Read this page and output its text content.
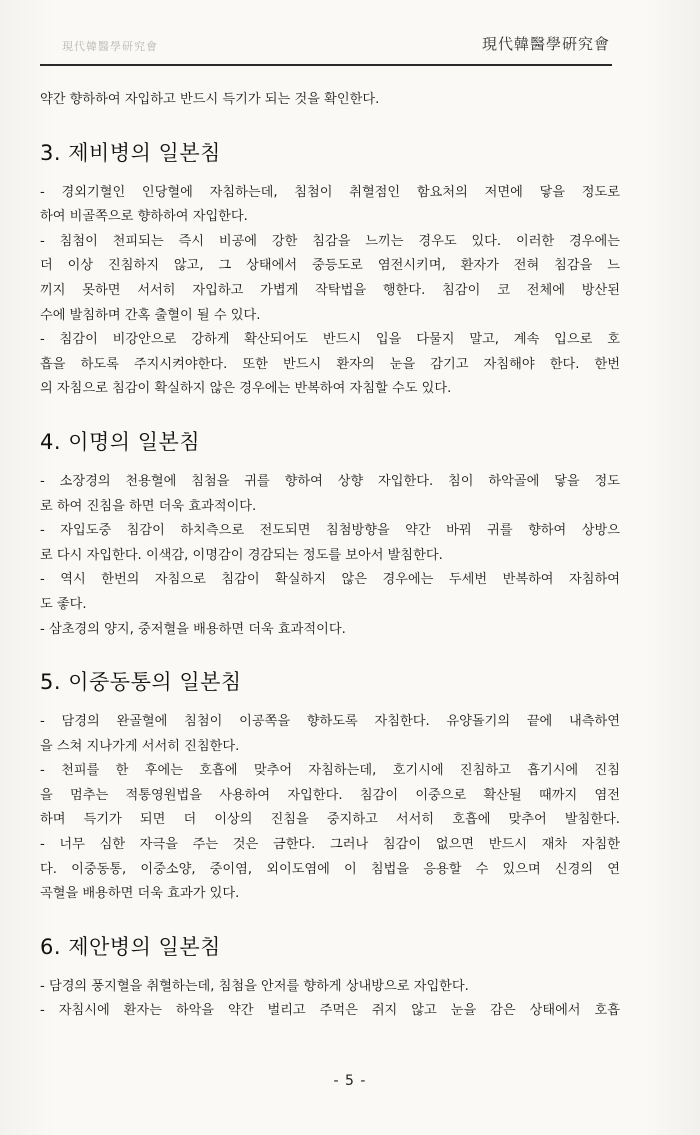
現代韓醫學研究會	現代韓醫學硏究會

약간 향하하여 자입하고 반드시 득기가 되는 것을 확인한다.

3. 제비병의 일본침

- 경외기혈인 인당혈에 자침하는데, 침첨이 취혈점인 함요처의 저면에 닿을 정도로

하여 비골쪽으로 향하하여 자입한다.

- 침첨이 천피되는 즉시 비공에 강한 침감을 느끼는 경우도 있다. 이러한 경우에는

더 이상 진침하지 않고, 그 상태에서 중등도로 염전시키며, 환자가 전혀 침감을 느

끼지 못하면 서서히 자입하고 가볍게 작탁법을 행한다. 침감이 코 전체에 방산된

수에 발침하며 간혹 출혈이 될 수 있다.

- 침감이 비강안으로 강하게 확산되어도 반드시 입을 다물지 말고, 계속 입으로 호

흡을 하도록 주지시켜야한다. 또한 반드시 환자의 눈을 감기고 자침해야 한다. 한번

의 자침으로 침감이 확실하지 않은 경우에는 반복하여 자침할 수도 있다.

4. 이명의 일본침

- 소장경의 천용혈에 침첨을 귀를 향하여 상향 자입한다. 침이 하악골에 닿을 정도

로 하여 진침을 하면 더욱 효과적이다.

- 자입도중 침감이 하치측으로 전도되면 침첨방향을 약간 바꿔 귀를 향하여 상방으

로 다시 자입한다. 이색감, 이명감이 경감되는 정도를 보아서 발침한다.

- 역시 한번의 자침으로 침감이 확실하지 않은 경우에는 두세번 반복하여 자침하여

도 좋다.

- 삼초경의 양지, 중저혈을 배용하면 더욱 효과적이다.

5. 이중동통의 일본침

- 담경의 완골혈에 침첨이 이공쪽을 향하도록 자침한다. 유양돌기의 끝에 내측하연

을 스쳐 지나가게 서서히 진침한다.

- 천피를 한 후에는 호흡에 맞추어 자침하는데, 호기시에 진침하고 흡기시에 진침

을 멈추는 적통영원법을 사용하여 자입한다. 침감이 이중으로 확산될 때까지 염전

하며 득기가 되면 더 이상의 진침을 중지하고 서서히 호흡에 맞추어 발침한다.

- 너무 심한 자극을 주는 것은 금한다. 그러나 침감이 없으면 반드시 재차 자침한

다. 이중동통, 이중소양, 중이염, 외이도염에 이 침법을 응용할 수 있으며 신경의 연

곡혈을 배용하면 더욱 효과가 있다.

6. 제안병의 일본침

- 담경의 풍지혈을 취혈하는데, 침첨을 안저를 향하게 상내방으로 자입한다.

- 자침시에 환자는 하악을 약간 벌리고 주먹은 쥐지 않고 눈을 감은 상태에서 호흡

- 5 -
